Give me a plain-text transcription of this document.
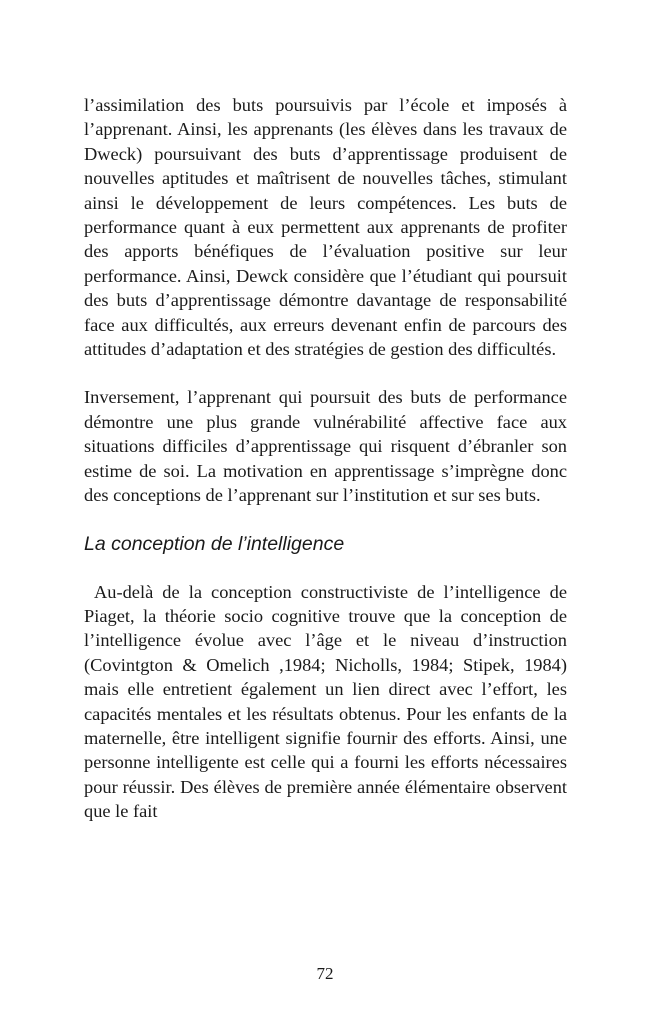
l’assimilation des buts poursuivis par l’école et imposés à l’apprenant. Ainsi, les apprenants (les élèves dans les travaux de Dweck) poursuivant des buts d’apprentissage produisent de nouvelles aptitudes et maîtrisent de nouvelles tâches, stimulant ainsi le développement de leurs compétences. Les buts de performance quant à eux permettent aux apprenants de profiter des apports bénéfiques de l’évaluation positive sur leur performance. Ainsi, Dewck considère que l’étudiant qui poursuit des buts d’apprentissage démontre davantage de responsabilité face aux difficultés, aux erreurs devenant enfin de parcours des attitudes d’adaptation et des stratégies de gestion des difficultés.

Inversement, l’apprenant qui poursuit des buts de performance démontre une plus grande vulnérabilité affective face aux situations difficiles d’apprentissage qui risquent d’ébranler son estime de soi. La motivation en apprentissage s’imprègne donc des conceptions de l’apprenant sur l’institution et sur ses buts.

La conception de l’intelligence

Au-delà de la conception constructiviste de l’intelligence de Piaget, la théorie socio cognitive trouve que la conception de l’intelligence évolue avec l’âge et le niveau d’instruction (Covintgton & Omelich ,1984; Nicholls, 1984; Stipek, 1984) mais elle entretient également un lien direct avec l’effort, les capacités mentales et les résultats obtenus. Pour les enfants de la maternelle, être intelligent signifie fournir des efforts. Ainsi, une personne intelligente est celle qui a fourni les efforts nécessaires pour réussir. Des élèves de première année élémentaire observent que le fait

72
